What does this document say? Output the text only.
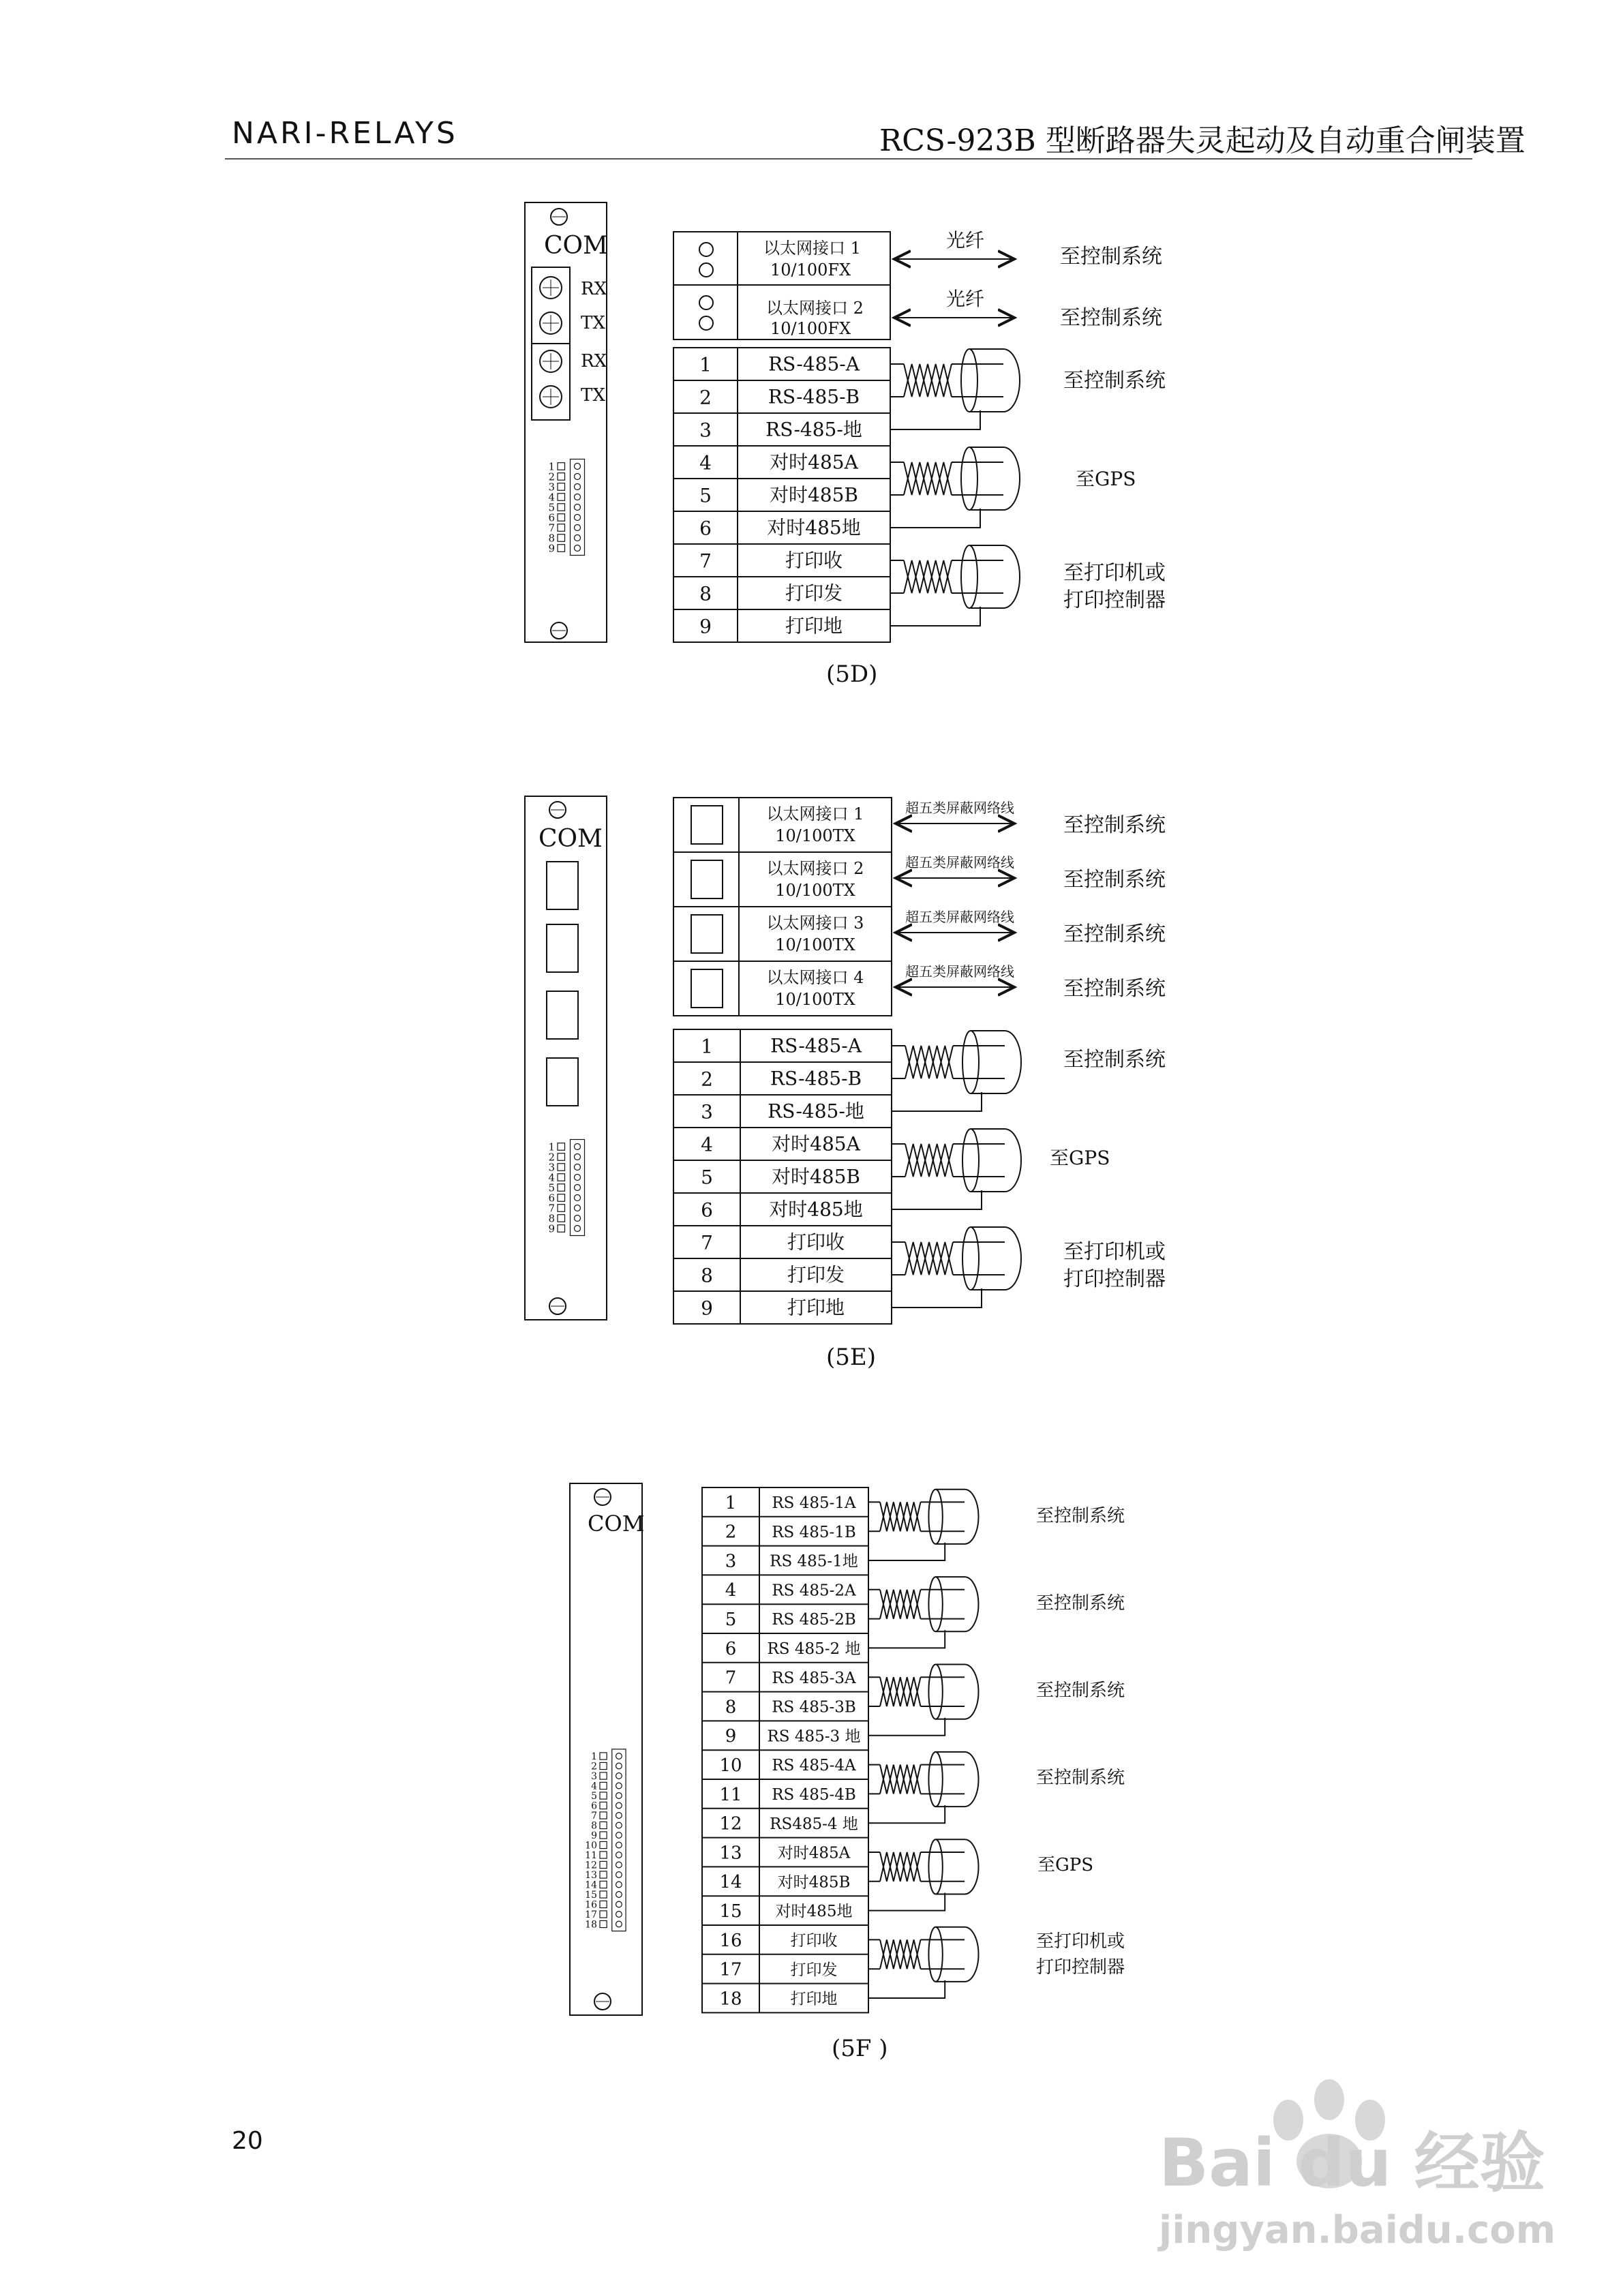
NARI-RELAYS	RCS-923B 型断路器失灵起动及自动重合闸装置
COM
RX
TX
RX
TX
1
2
3
4
5
6
7
8
9
以太网接口 1
10/100FX
以太网接口 2
10/100FX
光纤
光纤
至控制系统
至控制系统
1	RS-485-A
2	RS-485-B
3	RS-485-地
4	对时485A
5	对时485B
6	对时485地
7	打印收
8	打印发
9	打印地
至控制系统
至GPS
至打印机或
打印控制器
(5D)
COM
1
2
3
4
5
6
7
8
9
以太网接口 1
10/100TX
超五类屏蔽网络线
至控制系统
以太网接口 2
10/100TX
超五类屏蔽网络线
至控制系统
以太网接口 3
10/100TX
超五类屏蔽网络线
至控制系统
以太网接口 4
10/100TX
超五类屏蔽网络线
至控制系统
1	RS-485-A
2	RS-485-B
3	RS-485-地
4	对时485A
5	对时485B
6	对时485地
7	打印收
8	打印发
9	打印地
至控制系统
至GPS
至打印机或
打印控制器
(5E)
COM
1
2
3
4
5
6
7
8
9
10
11
12
13
14
15
16
17
18
1 RS 485-1A
2 RS 485-1B
3 RS 485-1地
4 RS 485-2A
5 RS 485-2B
6 RS 485-2 地
7 RS 485-3A
8 RS 485-3B
9 RS 485-3 地
10 RS 485-4A
11 RS 485-4B
12 RS485-4 地
13 对时485A
14 对时485B
15 对时485地
16	打印收
17	打印发
18	打印地
至控制系统
至控制系统
至控制系统
至控制系统
至GPS
至打印机或
打印控制器
(5F )
Bai du 经验
jingyan.baidu.com
20
